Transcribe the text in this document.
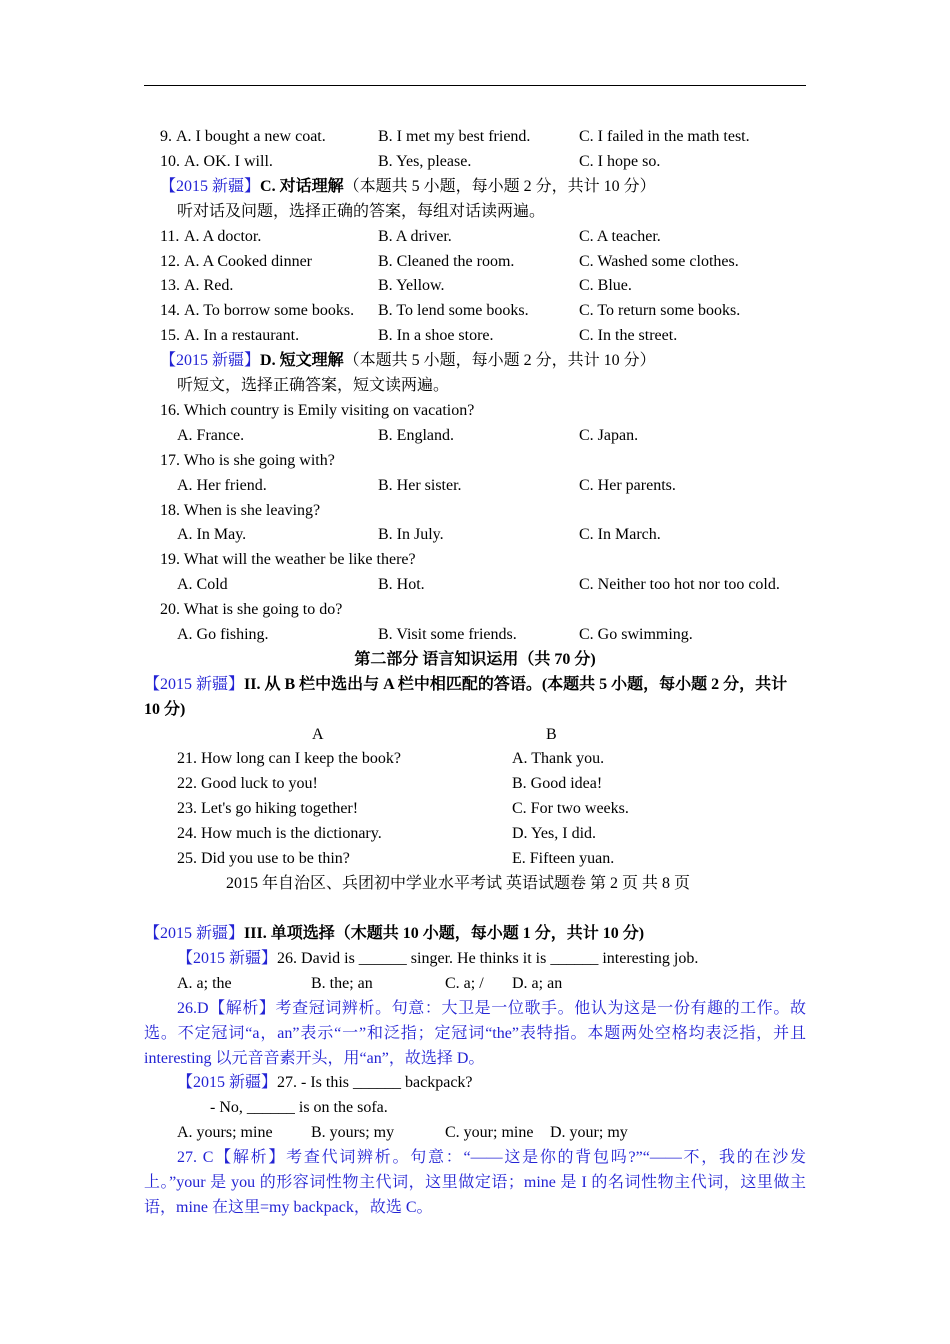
9. A. I bought a new coat.	B. I met my best friend.	C. I failed in the math test.
10. A. OK. I will.	B. Yes, please.	C. I hope so.
【2015 新疆】C. 对话理解（本题共 5 小题，每小题 2 分，共计 10 分）
听对话及问题，选择正确的答案，每组对话读两遍。
11. A. A doctor.	B. A driver.	C. A teacher.
12. A. A Cooked dinner	B. Cleaned the room.	C. Washed some clothes.
13. A. Red.	B. Yellow.	C. Blue.
14. A. To borrow some books. B. To lend some books.	C. To return some books.
15. A. In a restaurant.	B. In a shoe store.	C. In the street.
【2015 新疆】D. 短文理解（本题共 5 小题，每小题 2 分，共计 10 分）
听短文，选择正确答案，短文读两遍。
16. Which country is Emily visiting on vacation?
A. France.	B. England.	C. Japan.
17. Who is she going with?
A. Her friend.	B. Her sister.	C. Her parents.
18. When is she leaving?
A. In May.	B. In July.	C. In March.
19. What will the weather be like there?
A. Cold	B. Hot.	C. Neither too hot nor too cold.
20. What is she going to do?
A. Go fishing.	B. Visit some friends.	C. Go swimming.
第二部分 语言知识运用（共 70 分)
【2015 新疆】II. 从 B 栏中选出与 A 栏中相匹配的答语。(本题共 5 小题，每小题 2 分，共计
10 分)
A	B
21. How long can I keep the book?	A. Thank you.
22. Good luck to you!	B. Good idea!
23. Let's go hiking together!	C. For two weeks.
24. How much is the dictionary.	D. Yes, I did.
25. Did you use to be thin?	E. Fifteen yuan.
2015 年自治区、兵团初中学业水平考试 英语试题卷 第 2 页 共 8 页
【2015 新疆】III. 单项选择（木题共 10 小题，每小题 1 分，共计 10 分)
【2015 新疆】26. David is ______ singer. He thinks it is ______ interesting job.
A. a; the	B. the; an	C. a; / D. a; an
26.D【解析】考查冠词辨析。句意：大卫是一位歌手。他认为这是一份有趣的工作。故选。不定冠词“a，an”表示“一”和泛指；定冠词“the”表特指。本题两处空格均表泛指，并且 interesting 以元音音素开头，用“an”，故选择 D。
【2015 新疆】27. - Is this ______ backpack?
- No, ______ is on the sofa.
A. yours; mine B. yours; my	C. your; mine D. your; my
27. C【解析】考查代词辨析。句意：“——这是你的背包吗?”“——不，我的在沙发上。”your 是 you 的形容词性物主代词，这里做定语；mine 是 I 的名词性物主代词，这里做主语，mine 在这里=my backpack，故选 C。
